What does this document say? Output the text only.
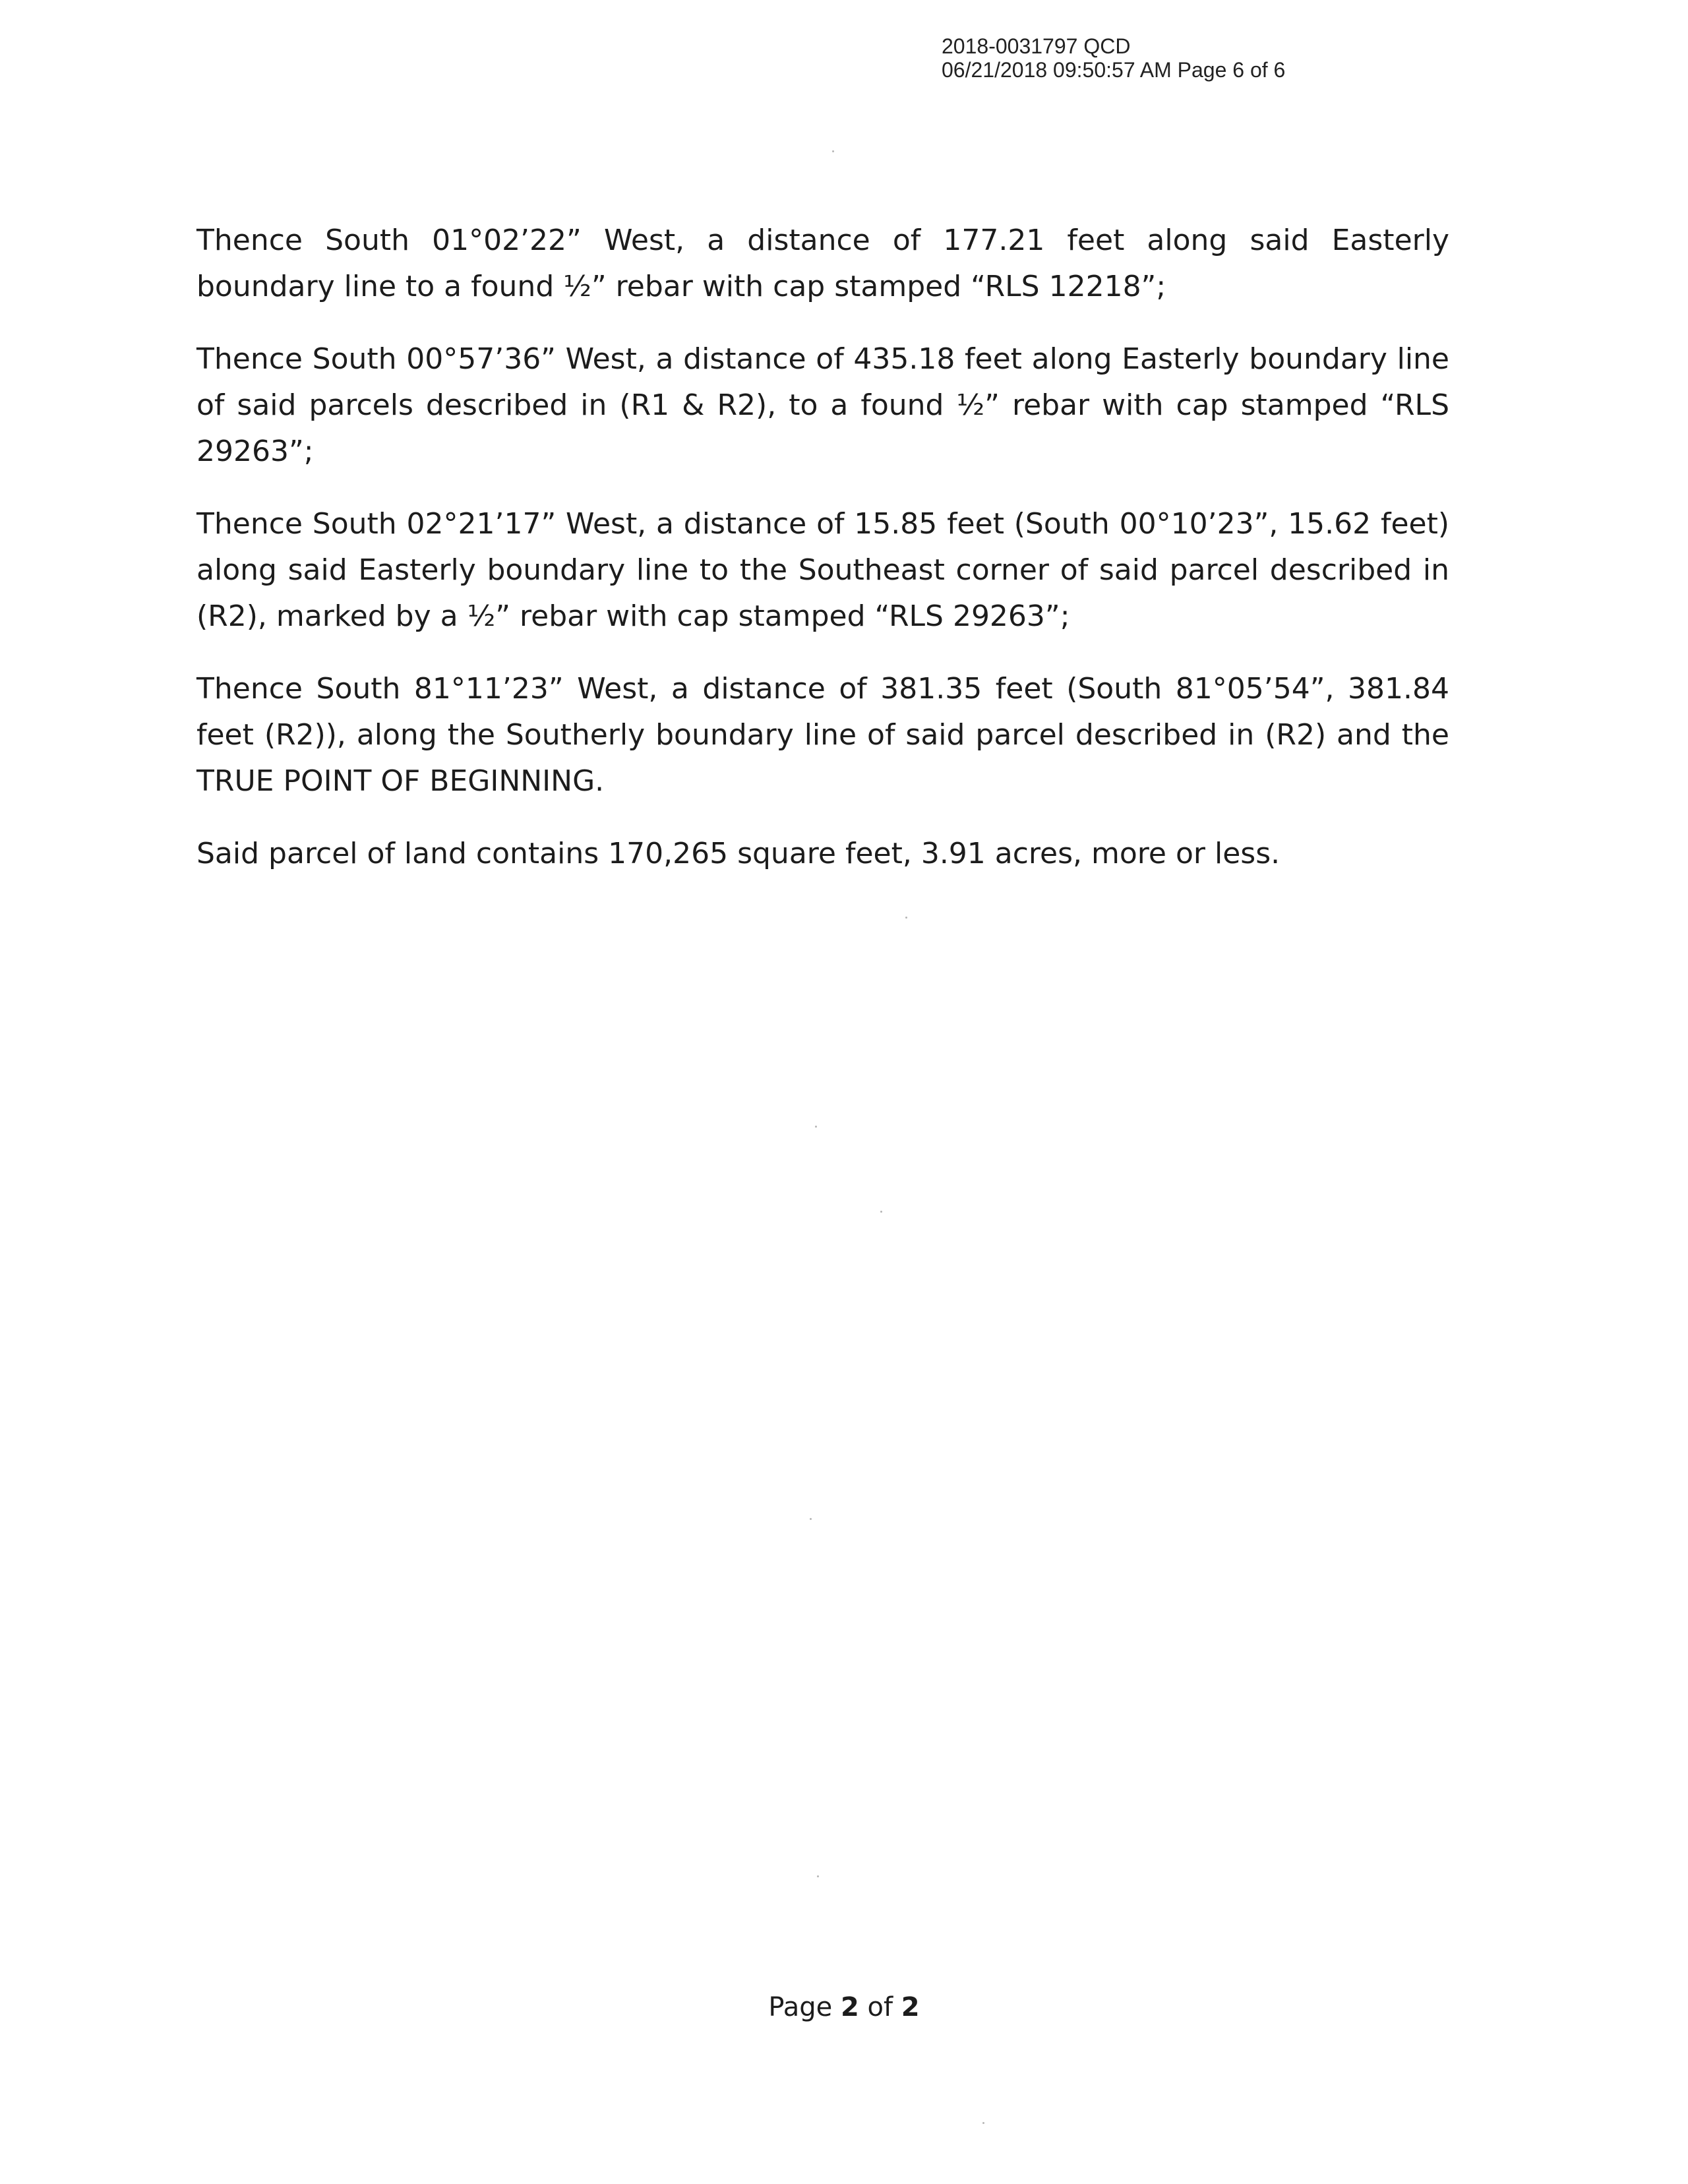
2018-0031797 QCD
06/21/2018 09:50:57 AM Page 6 of 6

Thence South 01°02’22” West, a distance of 177.21 feet along said Easterly boundary line to a found ½” rebar with cap stamped “RLS 12218”;

Thence South 00°57’36” West, a distance of 435.18 feet along Easterly boundary line of said parcels described in (R1 & R2), to a found ½” rebar with cap stamped “RLS 29263”;

Thence South 02°21’17” West, a distance of 15.85 feet (South 00°10’23”, 15.62 feet) along said Easterly boundary line to the Southeast corner of said parcel described in (R2), marked by a ½” rebar with cap stamped “RLS 29263”;

Thence South 81°11’23” West, a distance of 381.35 feet (South 81°05’54”, 381.84 feet (R2)), along the Southerly boundary line of said parcel described in (R2) and the TRUE POINT OF BEGINNING.

Said parcel of land contains 170,265 square feet, 3.91 acres, more or less.

Page 2 of 2
